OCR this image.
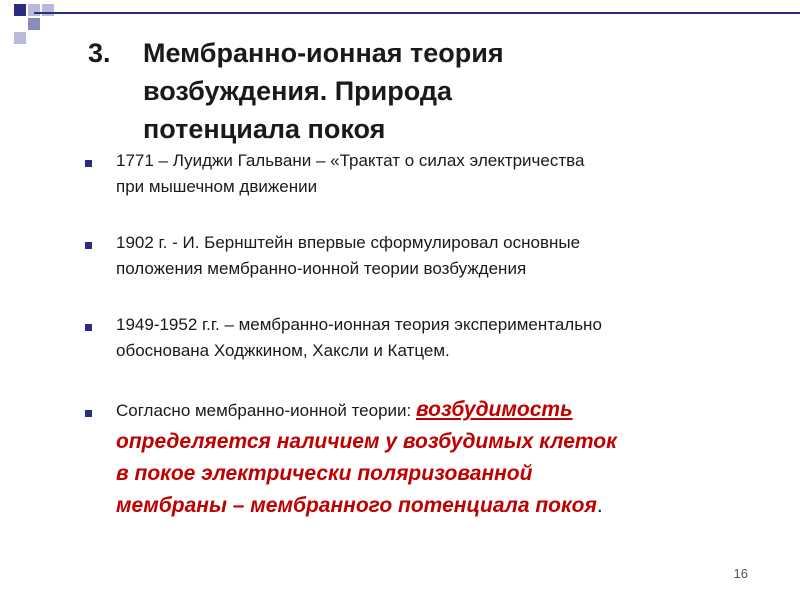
3.	Мембранно-ионная теория
возбуждения. Природа
потенциала покоя
1771 – Луиджи Гальвани – «Трактат о силах электричества
при мышечном движении
1902 г. - И. Бернштейн впервые сформулировал основные
положения мембранно-ионной теории возбуждения
1949-1952 г.г. – мембранно-ионная теория экспериментально
обоснована Ходжкином, Хаксли и Катцем.
Согласно мембранно-ионной теории: возбудимость
определяется наличием у возбудимых клеток
в покое электрически поляризованной
мембраны – мембранного потенциала покоя.
16
